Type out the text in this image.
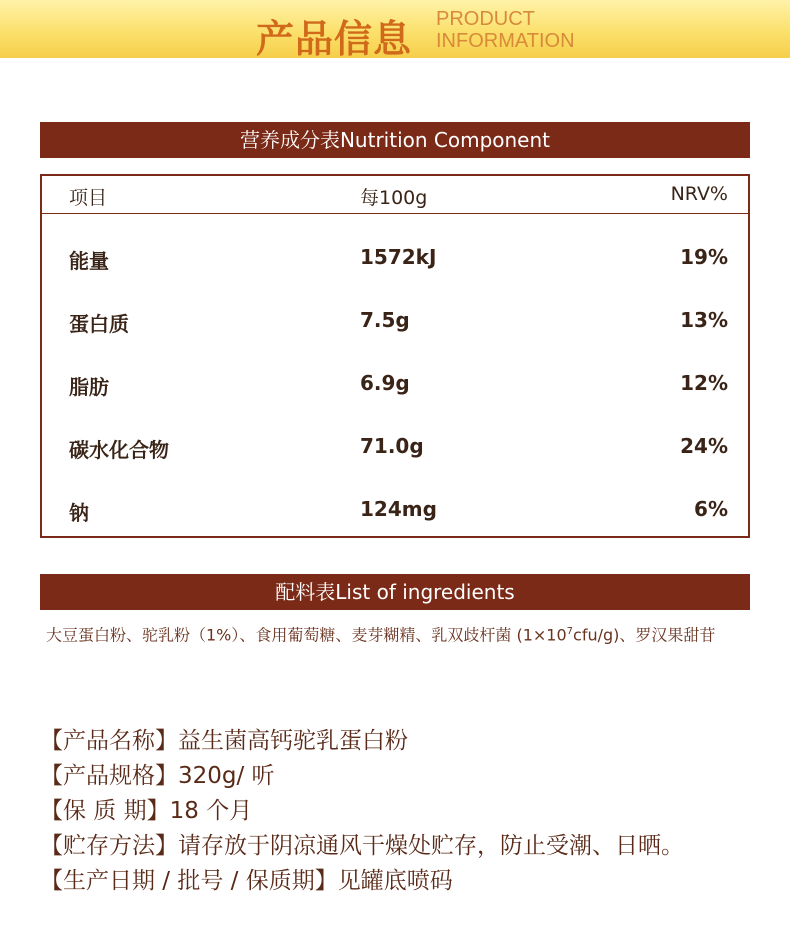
产品信息 PRODUCT
INFORMATION
营养成分表Nutrition Component
项目	每100g	NRV%
能量	1572kJ	19%
蛋白质	7.5g	13%
脂肪	6.9g	12%
碳水化合物	71.0g	24%
钠	124mg	6%
配料表List of ingredients
大豆蛋白粉、驼乳粉（1%）、食用葡萄糖、麦芽糊精、乳双歧杆菌 $(1\times 10^7cfu/g)$、罗汉果甜苷
【产品名称】益生菌高钙驼乳蛋白粉
【产品规格】320g/ 听
【保 质 期】18 个月
【贮存方法】请存放于阴凉通风干燥处贮存，防止受潮、日晒。
【生产日期 / 批号 / 保质期】见罐底喷码
